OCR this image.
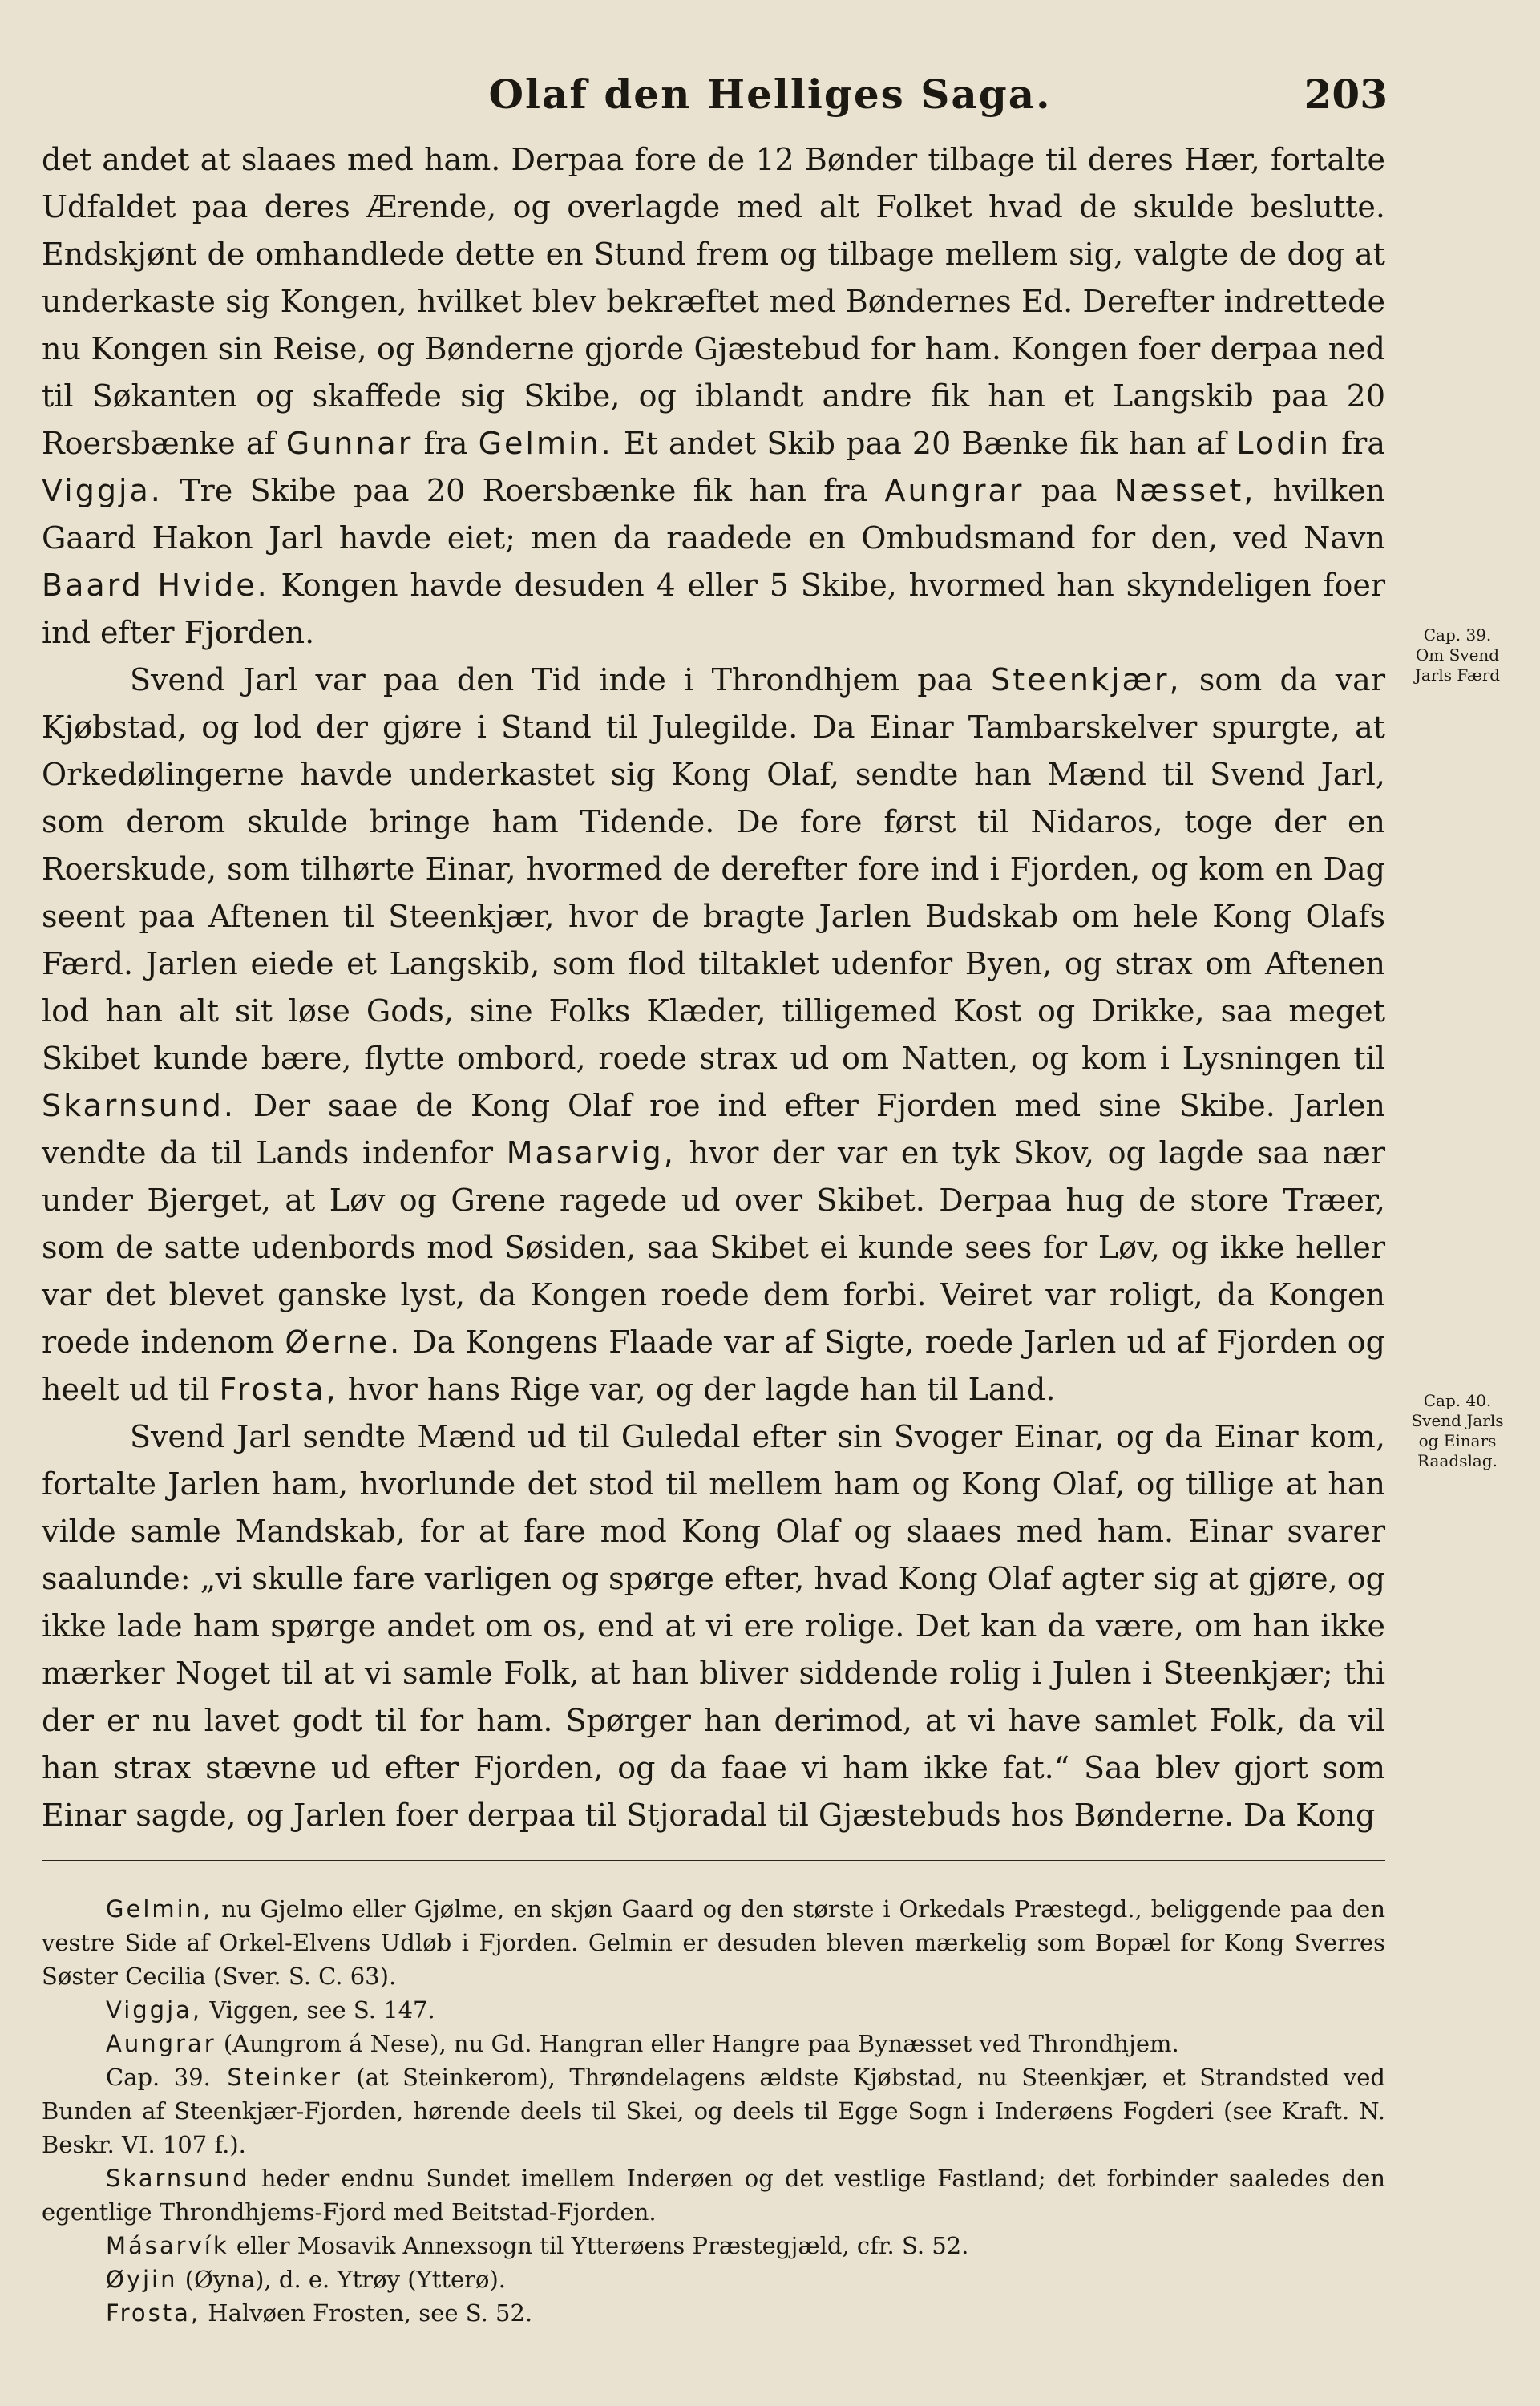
Olaf den Helliges Saga.	203

det andet at slaaes med ham. Derpaa fore de 12 Bønder tilbage til deres Hær, fortalte Udfaldet paa deres Ærende, og overlagde med alt Folket hvad de skulde beslutte. Endskjønt de omhandlede dette en Stund frem og tilbage mellem sig, valgte de dog at underkaste sig Kongen, hvilket blev bekræftet med Bøndernes Ed. Derefter indrettede nu Kongen sin Reise, og Bønderne gjorde Gjæstebud for ham. Kongen foer derpaa ned til Søkanten og skaffede sig Skibe, og iblandt andre fik han et Langskib paa 20 Roersbænke af Gunnar fra Gelmin. Et andet Skib paa 20 Bænke fik han af Lodin fra Viggja. Tre Skibe paa 20 Roersbænke fik han fra Aungrar paa Næsset, hvilken Gaard Hakon Jarl havde eiet; men da raadede en Ombudsmand for den, ved Navn Baard Hvide. Kongen havde desuden 4 eller 5 Skibe, hvormed han skyndeligen foer ind efter Fjorden.

Svend Jarl var paa den Tid inde i Throndhjem paa Steenkjær, som da var Kjøbstad, og lod der gjøre i Stand til Julegilde. Da Einar Tambarskelver spurgte, at Orkedølingerne havde underkastet sig Kong Olaf, sendte han Mænd til Svend Jarl, som derom skulde bringe ham Tidende. De fore først til Nidaros, toge der en Roerskude, som tilhørte Einar, hvormed de derefter fore ind i Fjorden, og kom en Dag seent paa Aftenen til Steenkjær, hvor de bragte Jarlen Budskab om hele Kong Olafs Færd. Jarlen eiede et Langskib, som flod tiltaklet udenfor Byen, og strax om Aftenen lod han alt sit løse Gods, sine Folks Klæder, tilligemed Kost og Drikke, saa meget Skibet kunde bære, flytte ombord, roede strax ud om Natten, og kom i Lysningen til Skarnsund. Der saae de Kong Olaf roe ind efter Fjorden med sine Skibe. Jarlen vendte da til Lands indenfor Masarvig, hvor der var en tyk Skov, og lagde saa nær under Bjerget, at Løv og Grene ragede ud over Skibet. Derpaa hug de store Træer, som de satte udenbords mod Søsiden, saa Skibet ei kunde sees for Løv, og ikke heller var det blevet ganske lyst, da Kongen roede dem forbi. Veiret var roligt, da Kongen roede indenom Øerne. Da Kongens Flaade var af Sigte, roede Jarlen ud af Fjorden og heelt ud til Frosta, hvor hans Rige var, og der lagde han til Land.

Svend Jarl sendte Mænd ud til Guledal efter sin Svoger Einar, og da Einar kom, fortalte Jarlen ham, hvorlunde det stod til mellem ham og Kong Olaf, og tillige at han vilde samle Mandskab, for at fare mod Kong Olaf og slaaes med ham. Einar svarer saalunde: „vi skulle fare varligen og spørge efter, hvad Kong Olaf agter sig at gjøre, og ikke lade ham spørge andet om os, end at vi ere rolige. Det kan da være, om han ikke mærker Noget til at vi samle Folk, at han bliver siddende rolig i Julen i Steenkjær; thi der er nu lavet godt til for ham. Spørger han derimod, at vi have samlet Folk, da vil han strax stævne ud efter Fjorden, og da faae vi ham ikke fat.“ Saa blev gjort som Einar sagde, og Jarlen foer derpaa til Stjoradal til Gjæstebuds hos Bønderne. Da Kong

Cap. 39.
Om Svend
Jarls Færd
Cap. 40.
Svend Jarls
og Einars
Raadslag.

Gelmin, nu Gjelmo eller Gjølme, en skjøn Gaard og den største i Orkedals Præstegd., beliggende paa den vestre Side af Orkel-Elvens Udløb i Fjorden. Gelmin er desuden bleven mærkelig som Bopæl for Kong Sverres Søster Cecilia (Sver. S. C. 63).

Viggja, Viggen, see S. 147.

Aungrar (Aungrom á Nese), nu Gd. Hangran eller Hangre paa Bynæsset ved Throndhjem.

Cap. 39. Steinker (at Steinkerom), Thrøndelagens ældste Kjøbstad, nu Steenkjær, et Strandsted ved Bunden af Steenkjær-Fjorden, hørende deels til Skei, og deels til Egge Sogn i Inderøens Fogderi (see Kraft. N. Beskr. VI. 107 f.).

Skarnsund heder endnu Sundet imellem Inderøen og det vestlige Fastland; det forbinder saaledes den egentlige Throndhjems-Fjord med Beitstad-Fjorden.

Másarvík eller Mosavik Annexsogn til Ytterøens Præstegjæld, cfr. S. 52.

Øyjin (Øyna), d. e. Ytrøy (Ytterø).

Frosta, Halvøen Frosten, see S. 52.
